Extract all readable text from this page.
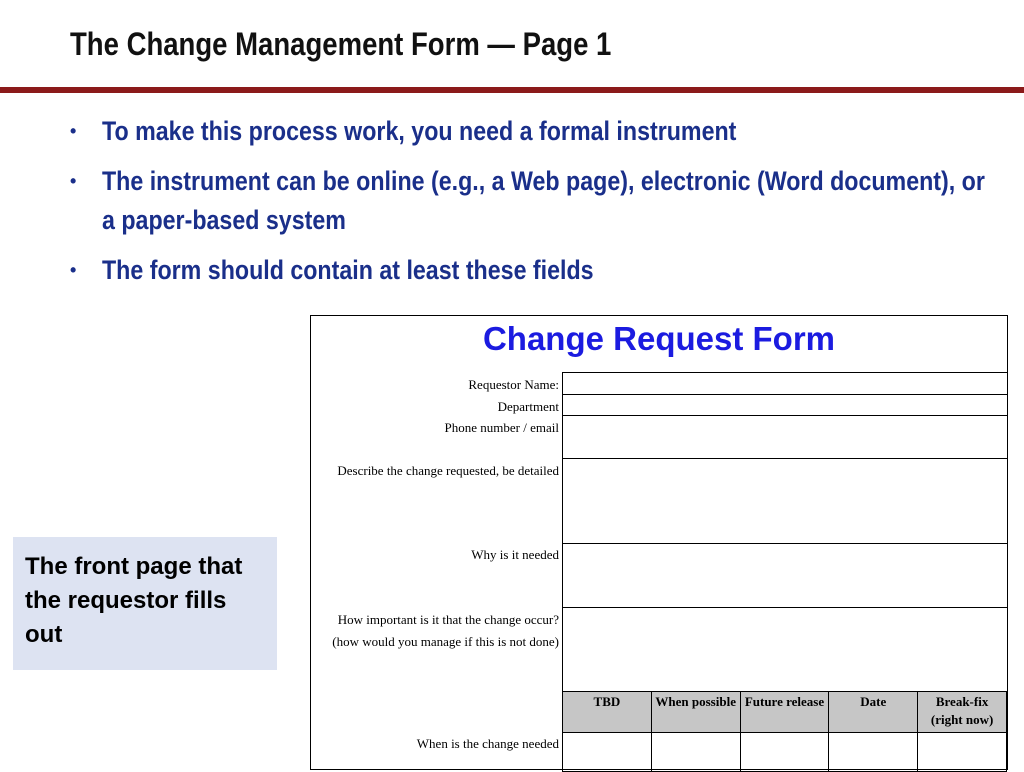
The Change Management Form — Page 1
• To make this process work, you need a formal instrument
• The instrument can be online (e.g., a Web page), electronic (Word document), or a paper-based system
• The form should contain at least these fields
The front page that the requestor fills out
Change Request Form
Requestor Name:
Department
Phone number / email
Describe the change requested, be detailed
Why is it needed
How important is it that the change occur? (how would you manage if this is not done)
When is the change needed
TBD	When possible	Future release	Date	Break-fix (right now)
